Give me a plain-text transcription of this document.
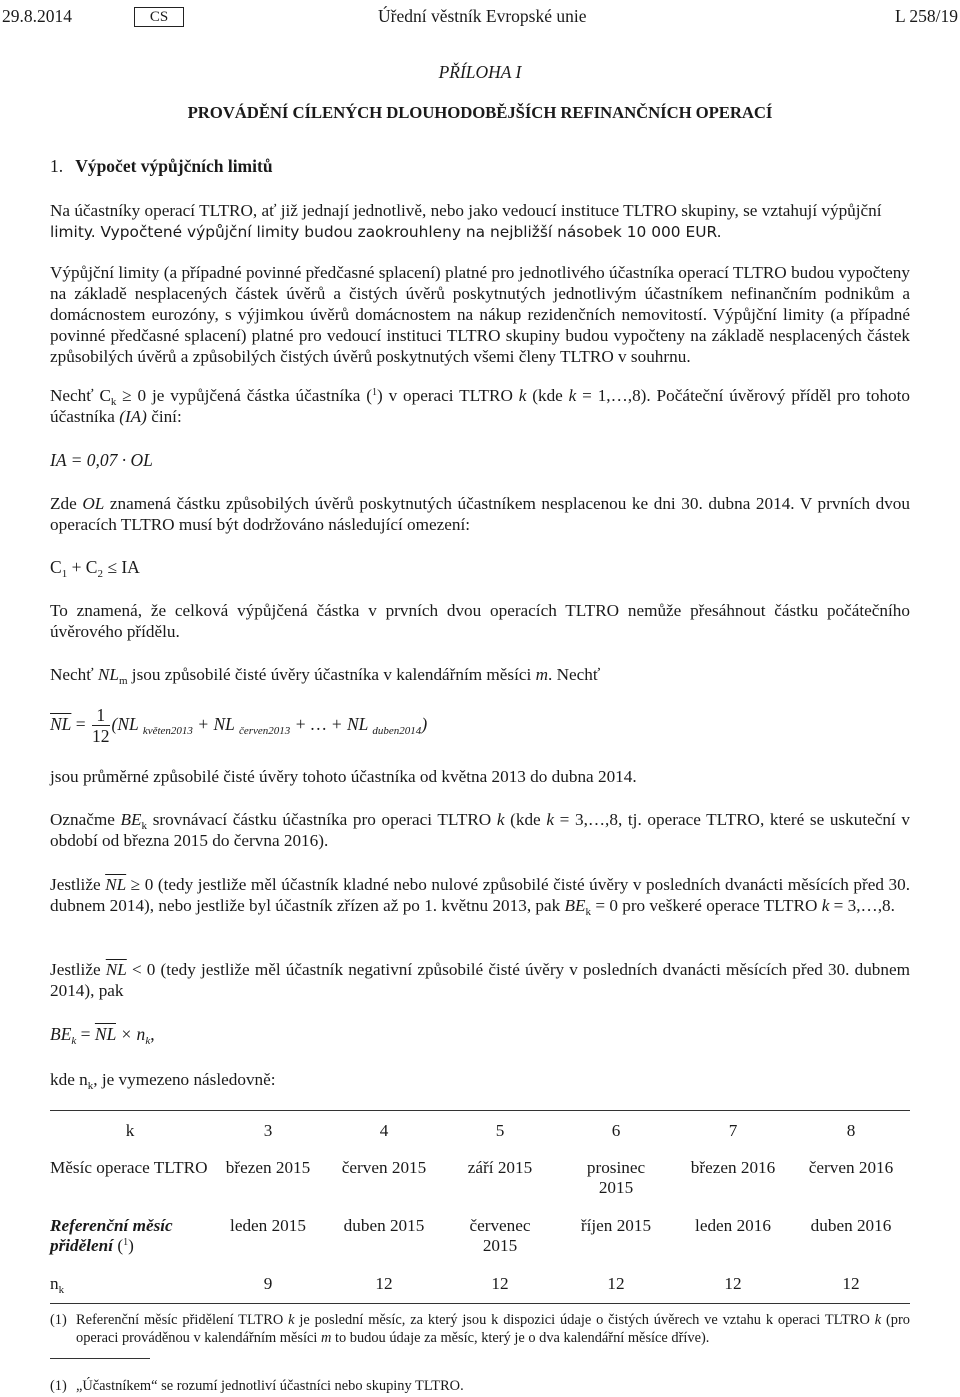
29.8.2014	CS	Úřední věstník Evropské unie	L 258/19
PŘÍLOHA I
PROVÁDĚNÍ CÍLENÝCH DLOUHODOBĚJŠÍCH REFINANČNÍCH OPERACÍ
1. Výpočet výpůjčních limitů

Na účastníky operací TLTRO, ať již jednají jednotlivě, nebo jako vedoucí instituce TLTRO skupiny, se vztahují výpůjční
limity. Vypočtené výpůjční limity budou zaokrouhleny na nejbližší násobek 10 000 EUR.

Výpůjční limity (a případné povinné předčasné splacení) platné pro jednotlivého účastníka operací TLTRO budou vypočteny na základě nesplacených částek úvěrů a čistých úvěrů poskytnutých jednotlivým účastníkem nefinančním podnikům a domácnostem eurozóny, s výjimkou úvěrů domácnostem na nákup rezidenčních nemovitostí. Výpůjční limity (a případné povinné předčasné splacení) platné pro vedoucí instituci TLTRO skupiny budou vypočteny na základě nesplacených částek způsobilých úvěrů a způsobilých čistých úvěrů poskytnutých všemi členy TLTRO v souhrnu.

Nechť $C_k \ge 0$ je vypůjčená částka účastníka ($^1$) v operaci TLTRO k (kde k = 1,…,8). Počáteční úvěrový příděl pro tohoto účastníka (IA) činí:

IA = 0,07 · OL

Zde OL znamená částku způsobilých úvěrů poskytnutých účastníkem nesplacenou ke dni 30. dubna 2014. V prvních dvou operacích TLTRO musí být dodržováno následující omezení:

$C_1 + C_2$ ≤ IA

To znamená, že celková výpůjčená částka v prvních dvou operacích TLTRO nemůže přesáhnout částku počátečního úvěrového přídělu.

Nechť $NL_m$ jsou způsobilé čisté úvěry účastníka v kalendářním měsíci m. Nechť

$\overline{NL} = \frac{1}{12} (NL$ $_{květen2013}$ + NL $_{červen2013}$ + … + NL $_{duben2014}$)

jsou průměrné způsobilé čisté úvěry tohoto účastníka od května 2013 do dubna 2014.

Označme $BE_k$ srovnávací částku účastníka pro operaci TLTRO k (kde k = 3,…,8, tj. operace TLTRO, které se uskuteční v období od března 2015 do června 2016).

Jestliže $\overline{NL} \ge 0$ (tedy jestliže měl účastník kladné nebo nulové způsobilé čisté úvěry v posledních dvanácti měsících před 30. dubnem 2014), nebo jestliže byl účastník zřízen až po 1. květnu 2013, pak $BE_k = 0$ pro veškeré operace TLTRO k = 3,…,8.

Jestliže $\overline{NL} < 0$ (tedy jestliže měl účastník negativní způsobilé čisté úvěry v posledních dvanácti měsících před 30. dubnem 2014), pak

$BE_k = \overline{NL} \times n_k$,

kde $n_k$, je vymezeno následovně:

k	3	4	5	6	7	8
Měsíc operace TLTRO	březen 2015	červen 2015	září 2015	prosinec 2015	březen 2016	červen 2016
Referenční měsíc přidělení ($^1$)	leden 2015	duben 2015	červenec 2015	říjen 2015	leden 2016	duben 2016
$n_k$	9	12	12	12	12	12
(1) Referenční měsíc přidělení TLTRO k je poslední měsíc, za který jsou k dispozici údaje o čistých úvěrech ve vztahu k operaci TLTRO k (pro operaci prováděnou v kalendářním měsíci m to budou údaje za měsíc, který je o dva kalendářní měsíce dříve).
(1) „Účastníkem“ se rozumí jednotliví účastníci nebo skupiny TLTRO.
